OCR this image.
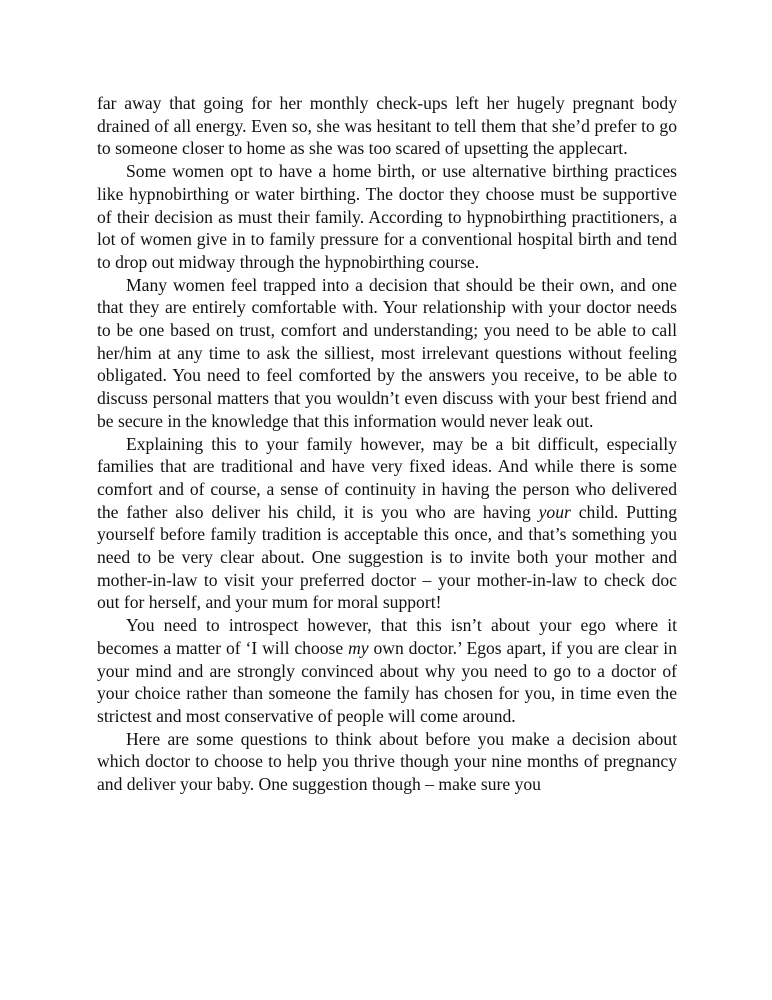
far away that going for her monthly check-ups left her hugely pregnant body drained of all energy. Even so, she was hesitant to tell them that she’d prefer to go to someone closer to home as she was too scared of upsetting the applecart.

Some women opt to have a home birth, or use alternative birthing practices like hypnobirthing or water birthing. The doctor they choose must be supportive of their decision as must their family. According to hypnobirthing practitioners, a lot of women give in to family pressure for a conventional hospital birth and tend to drop out midway through the hypnobirthing course.

Many women feel trapped into a decision that should be their own, and one that they are entirely comfortable with. Your relationship with your doctor needs to be one based on trust, comfort and understanding; you need to be able to call her/him at any time to ask the silliest, most irrelevant questions without feeling obligated. You need to feel comforted by the answers you receive, to be able to discuss personal matters that you wouldn’t even discuss with your best friend and be secure in the knowledge that this information would never leak out.

Explaining this to your family however, may be a bit difficult, especially families that are traditional and have very fixed ideas. And while there is some comfort and of course, a sense of continuity in having the person who delivered the father also deliver his child, it is you who are having your child. Putting yourself before family tradition is acceptable this once, and that’s something you need to be very clear about. One suggestion is to invite both your mother and mother-in-law to visit your preferred doctor – your mother-in-law to check doc out for herself, and your mum for moral support!

You need to introspect however, that this isn’t about your ego where it becomes a matter of ‘I will choose my own doctor.’ Egos apart, if you are clear in your mind and are strongly convinced about why you need to go to a doctor of your choice rather than someone the family has chosen for you, in time even the strictest and most conservative of people will come around.

Here are some questions to think about before you make a decision about which doctor to choose to help you thrive though your nine months of pregnancy and deliver your baby. One suggestion though – make sure you
